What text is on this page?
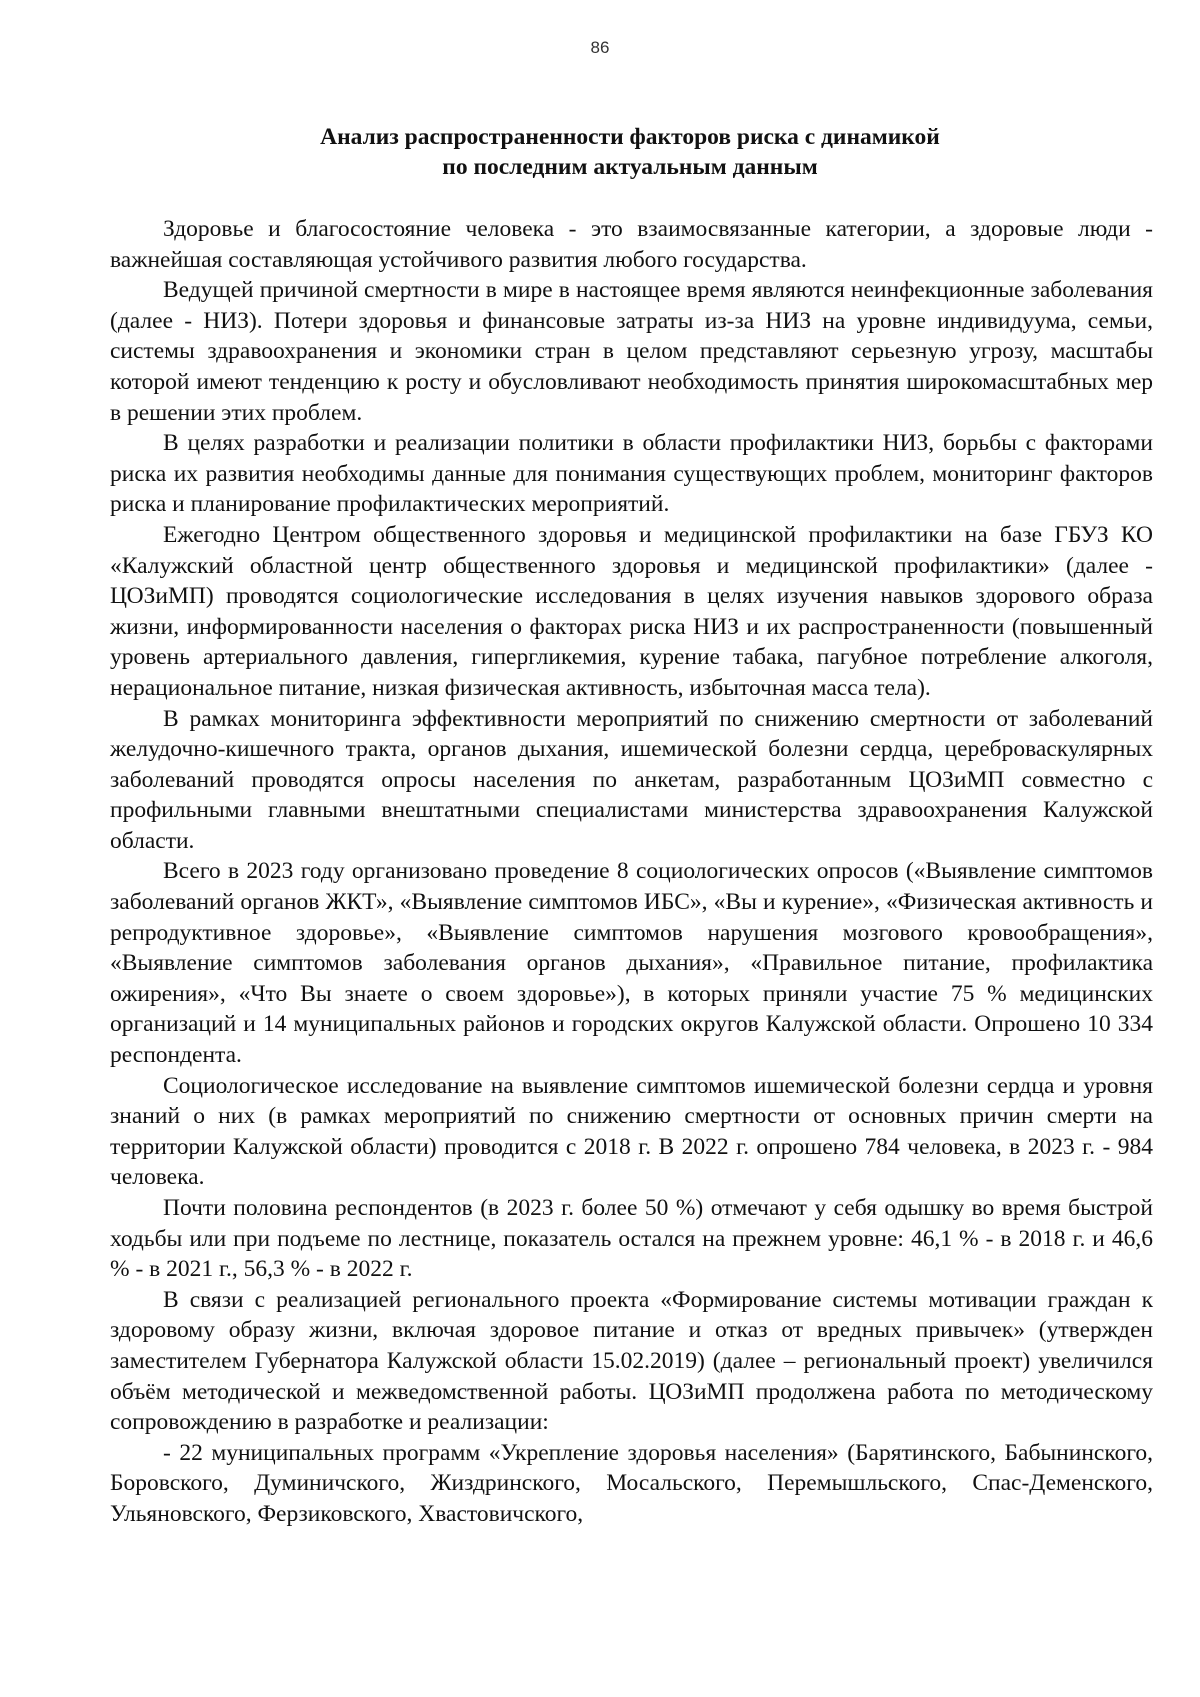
86
Анализ распространенности факторов риска с динамикой
по последним актуальным данным

Здоровье и благосостояние человека - это взаимосвязанные категории, а здоровые люди - важнейшая составляющая устойчивого развития любого государства.

Ведущей причиной смертности в мире в настоящее время являются неинфекционные заболевания (далее - НИЗ). Потери здоровья и финансовые затраты из-за НИЗ на уровне индивидуума, семьи, системы здравоохранения и экономики стран в целом представляют серьезную угрозу, масштабы которой имеют тенденцию к росту и обусловливают необходимость принятия широкомасштабных мер в решении этих проблем.

В целях разработки и реализации политики в области профилактики НИЗ, борьбы с факторами риска их развития необходимы данные для понимания существующих проблем, мониторинг факторов риска и планирование профилактических мероприятий.

Ежегодно Центром общественного здоровья и медицинской профилактики на базе ГБУЗ КО «Калужский областной центр общественного здоровья и медицинской профилактики» (далее - ЦОЗиМП) проводятся социологические исследования в целях изучения навыков здорового образа жизни, информированности населения о факторах риска НИЗ и их распространенности (повышенный уровень артериального давления, гипергликемия, курение табака, пагубное потребление алкоголя, нерациональное питание, низкая физическая активность, избыточная масса тела).

В рамках мониторинга эффективности мероприятий по снижению смертности от заболеваний желудочно-кишечного тракта, органов дыхания, ишемической болезни сердца, цереброваскулярных заболеваний проводятся опросы населения по анкетам, разработанным ЦОЗиМП совместно с профильными главными внештатными специалистами министерства здравоохранения Калужской области.

Всего в 2023 году организовано проведение 8 социологических опросов («Выявление симптомов заболеваний органов ЖКТ», «Выявление симптомов ИБС», «Вы и курение», «Физическая активность и репродуктивное здоровье», «Выявление симптомов нарушения мозгового кровообращения», «Выявление симптомов заболевания органов дыхания», «Правильное питание, профилактика ожирения», «Что Вы знаете о своем здоровье»), в которых приняли участие 75 % медицинских организаций и 14 муниципальных районов и городских округов Калужской области. Опрошено 10 334 респондента.

Социологическое исследование на выявление симптомов ишемической болезни сердца и уровня знаний о них (в рамках мероприятий по снижению смертности от основных причин смерти на территории Калужской области) проводится с 2018 г. В 2022 г. опрошено 784 человека, в 2023 г. - 984 человека.

Почти половина респондентов (в 2023 г. более 50 %) отмечают у себя одышку во время быстрой ходьбы или при подъеме по лестнице, показатель остался на прежнем уровне: 46,1 % - в 2018 г. и 46,6 % - в 2021 г., 56,3 % - в 2022 г.

В связи с реализацией регионального проекта «Формирование системы мотивации граждан к здоровому образу жизни, включая здоровое питание и отказ от вредных привычек» (утвержден заместителем Губернатора Калужской области 15.02.2019) (далее – региональный проект) увеличился объём методической и межведомственной работы. ЦОЗиМП продолжена работа по методическому сопровождению в разработке и реализации:

- 22 муниципальных программ «Укрепление здоровья населения» (Барятинского, Бабынинского, Боровского, Думиничского, Жиздринского, Мосальского, Перемышльского, Спас-Деменского, Ульяновского, Ферзиковского, Хвастовичского,
